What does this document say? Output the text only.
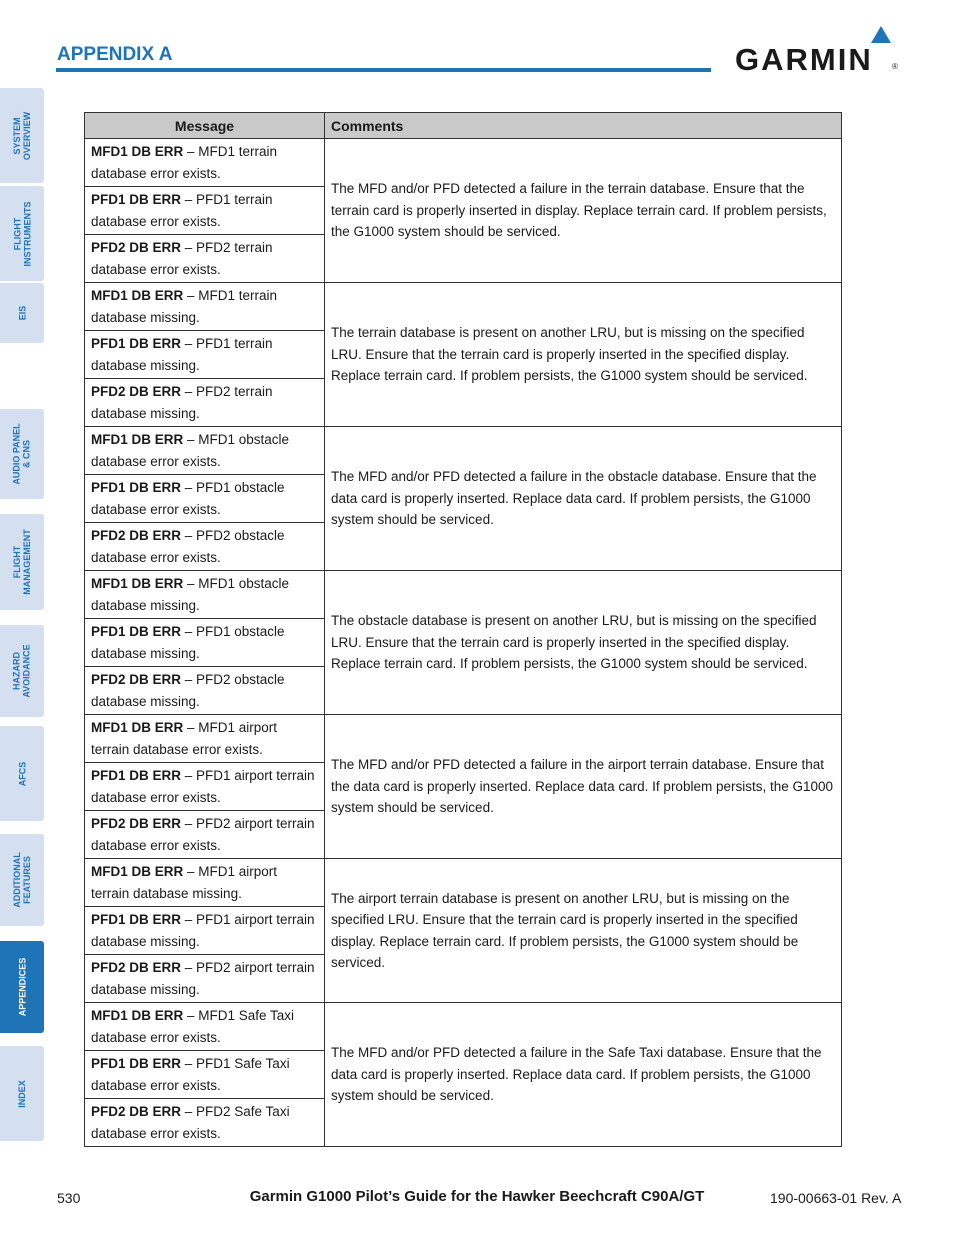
APPENDIX A	GARMIN ®
SYSTEM
OVERVIEW
FLIGHT
INSTRUMENTS
EIS
AUDIO PANEL
& CNS
FLIGHT
MANAGEMENT
HAZARD
AVOIDANCE
AFCS
ADDITIONAL
FEATURES
APPENDICES
INDEX
Message	Comments
MFD1 DB ERR – MFD1 terrain database error exists.	The MFD and/or PFD detected a failure in the terrain database. Ensure that the terrain card is properly inserted in display. Replace terrain card. If problem persists, the G1000 system should be serviced.
PFD1 DB ERR – PFD1 terrain database error exists.	
PFD2 DB ERR – PFD2 terrain database error exists.	
MFD1 DB ERR – MFD1 terrain database missing.	The terrain database is present on another LRU, but is missing on the specified LRU. Ensure that the terrain card is properly inserted in the specified display. Replace terrain card. If problem persists, the G1000 system should be serviced.
PFD1 DB ERR – PFD1 terrain database missing.	
PFD2 DB ERR – PFD2 terrain database missing.	
MFD1 DB ERR – MFD1 obstacle database error exists.	The MFD and/or PFD detected a failure in the obstacle database. Ensure that the data card is properly inserted. Replace data card. If problem persists, the G1000 system should be serviced.
PFD1 DB ERR – PFD1 obstacle database error exists.	
PFD2 DB ERR – PFD2 obstacle database error exists.	
MFD1 DB ERR – MFD1 obstacle database missing.	The obstacle database is present on another LRU, but is missing on the specified LRU. Ensure that the terrain card is properly inserted in the specified display. Replace terrain card. If problem persists, the G1000 system should be serviced.
PFD1 DB ERR – PFD1 obstacle database missing.	
PFD2 DB ERR – PFD2 obstacle database missing.	
MFD1 DB ERR – MFD1 airport terrain database error exists.	The MFD and/or PFD detected a failure in the airport terrain database. Ensure that the data card is properly inserted. Replace data card. If problem persists, the G1000 system should be serviced.
PFD1 DB ERR – PFD1 airport terrain database error exists.	
PFD2 DB ERR – PFD2 airport terrain database error exists.	
MFD1 DB ERR – MFD1 airport terrain database missing.	The airport terrain database is present on another LRU, but is missing on the specified LRU. Ensure that the terrain card is properly inserted in the specified display. Replace terrain card. If problem persists, the G1000 system should be serviced.
PFD1 DB ERR – PFD1 airport terrain database missing.	
PFD2 DB ERR – PFD2 airport terrain database missing.	
MFD1 DB ERR – MFD1 Safe Taxi database error exists.	The MFD and/or PFD detected a failure in the Safe Taxi database. Ensure that the data card is properly inserted. Replace data card. If problem persists, the G1000 system should be serviced.
PFD1 DB ERR – PFD1 Safe Taxi database error exists.	
PFD2 DB ERR – PFD2 Safe Taxi database error exists.	
530	Garmin G1000 Pilot’s Guide for the Hawker Beechcraft C90A/GT	190-00663-01 Rev. A
